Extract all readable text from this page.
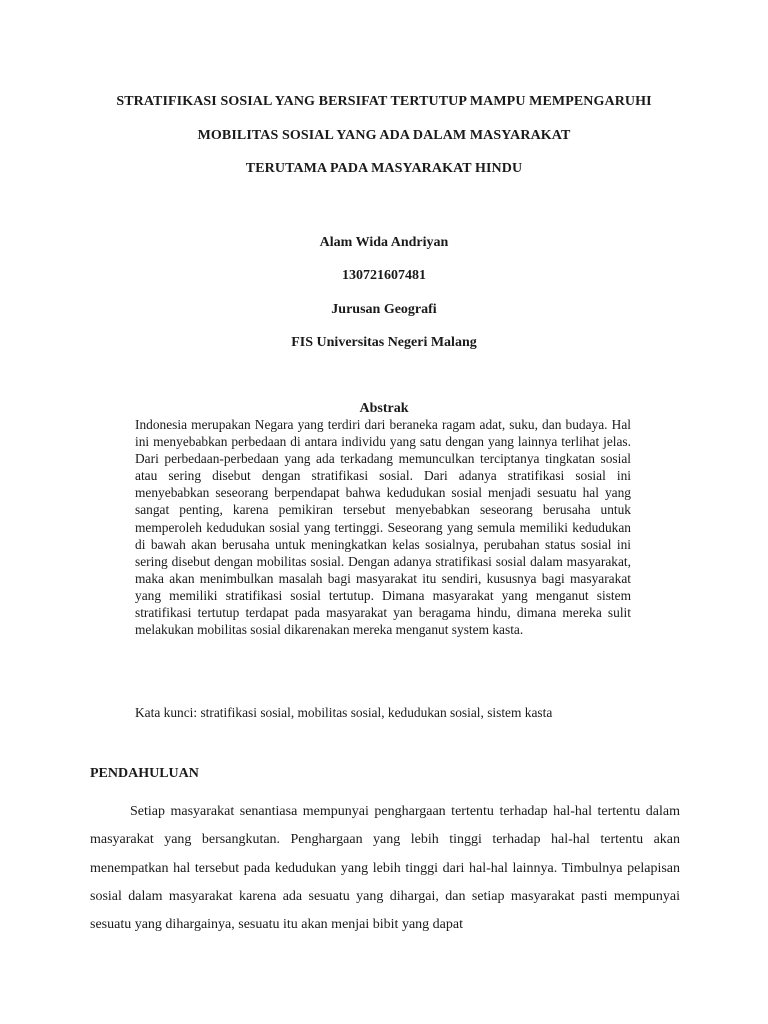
STRATIFIKASI SOSIAL YANG BERSIFAT TERTUTUP MAMPU MEMPENGARUHI
MOBILITAS SOSIAL YANG ADA DALAM MASYARAKAT
TERUTAMA PADA MASYARAKAT HINDU
Alam Wida Andriyan
130721607481
Jurusan Geografi
FIS Universitas Negeri Malang
Abstrak
Indonesia merupakan Negara yang terdiri dari beraneka ragam adat, suku, dan budaya. Hal ini menyebabkan perbedaan di antara individu yang satu dengan yang lainnya terlihat jelas. Dari perbedaan-perbedaan yang ada terkadang memunculkan terciptanya tingkatan sosial atau sering disebut dengan stratifikasi sosial. Dari adanya stratifikasi sosial ini menyebabkan seseorang berpendapat bahwa kedudukan sosial menjadi sesuatu hal yang sangat penting, karena pemikiran tersebut menyebabkan seseorang berusaha untuk memperoleh kedudukan sosial yang tertinggi. Seseorang yang semula memiliki kedudukan di bawah akan berusaha untuk meningkatkan kelas sosialnya, perubahan status sosial ini sering disebut dengan mobilitas sosial. Dengan adanya stratifikasi sosial dalam masyarakat, maka akan menimbulkan masalah bagi masyarakat itu sendiri, kususnya bagi masyarakat yang memiliki stratifikasi sosial tertutup. Dimana masyarakat yang menganut sistem stratifikasi tertutup terdapat pada masyarakat yan beragama hindu, dimana mereka sulit melakukan mobilitas sosial dikarenakan mereka menganut system kasta.
Kata kunci: stratifikasi sosial, mobilitas sosial, kedudukan sosial, sistem kasta
PENDAHULUAN
Setiap masyarakat senantiasa mempunyai penghargaan tertentu terhadap hal-hal tertentu dalam masyarakat yang bersangkutan. Penghargaan yang lebih tinggi terhadap hal-hal tertentu akan menempatkan hal tersebut pada kedudukan yang lebih tinggi dari hal-hal lainnya. Timbulnya pelapisan sosial dalam masyarakat karena ada sesuatu yang dihargai, dan setiap masyarakat pasti mempunyai sesuatu yang dihargainya, sesuatu itu akan menjai bibit yang dapat
